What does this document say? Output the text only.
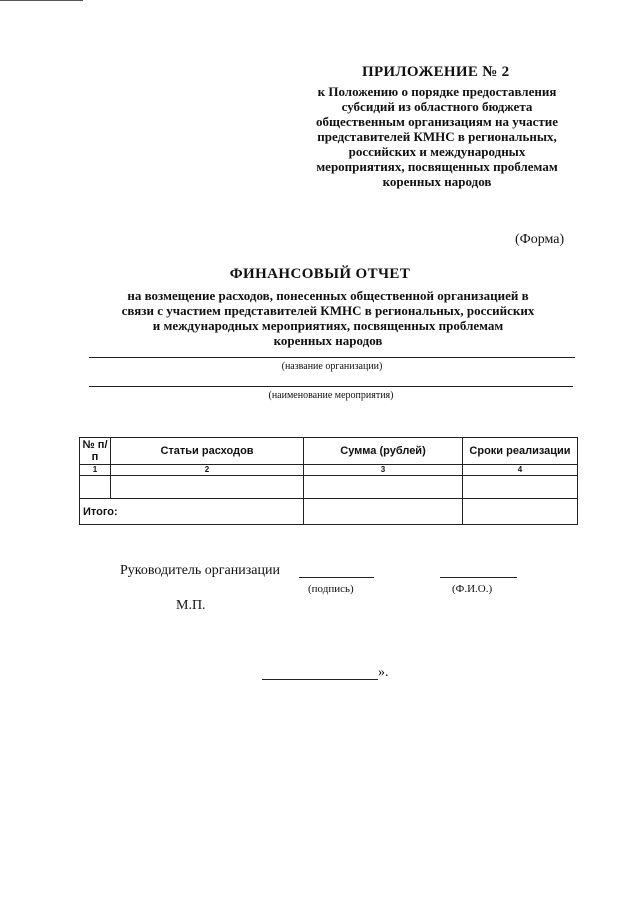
ПРИЛОЖЕНИЕ № 2
к Положению о порядке предоставления
субсидий из областного бюджета
общественным организациям на участие
представителей КМНС в региональных,
российских и международных
мероприятиях, посвященных проблемам
коренных народов
(Форма)
ФИНАНСОВЫЙ ОТЧЕТ
на возмещение расходов, понесенных общественной организацией в
связи с участием представителей КМНС в региональных, российских
и международных мероприятиях, посвященных проблемам
коренных народов
(название организации)
(наименование мероприятия)
№ п/п	Статьи расходов	Сумма (рублей)	Сроки реализации
1	2	3	4

Итого:			
Руководитель организации
(подпись)	(Ф.И.О.)
М.П.
».
